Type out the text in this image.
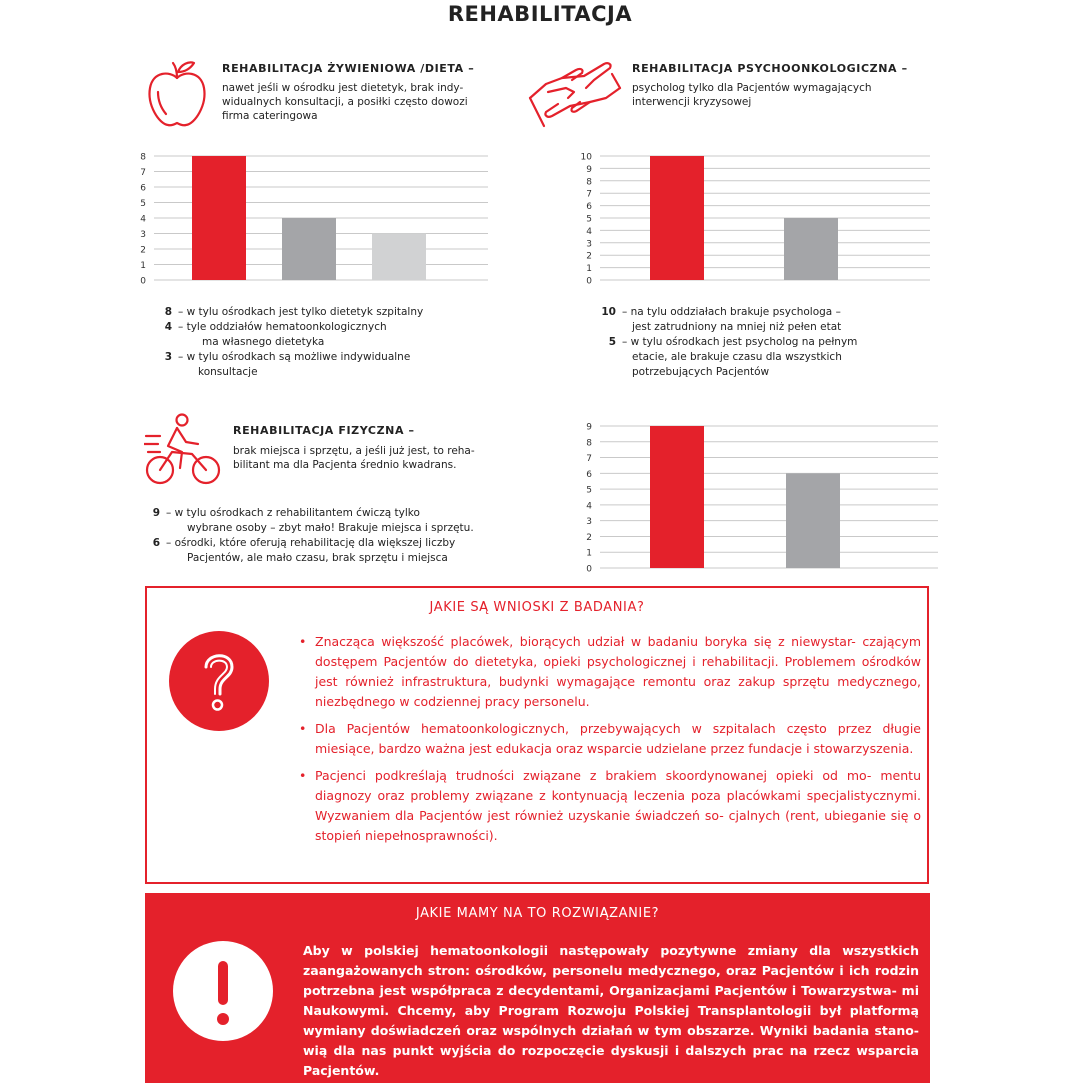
REHABILITACJA
REHABILITACJA ŻYWIENIOWA /DIETA –
nawet jeśli w ośrodku jest dietetyk, brak indy-
widualnych konsultacji, a posiłki często dowozi
firma cateringowa
0
1
2
3
4
5
6
7
8
8 – w tylu ośrodkach jest tylko dietetyk szpitalny
4 – tyle oddziałów hematoonkologicznych
ma własnego dietetyka
3 – w tylu ośrodkach są możliwe indywidualne
konsultacje
REHABILITACJA PSYCHOONKOLOGICZNA –
psycholog tylko dla Pacjentów wymagających
interwencji kryzysowej
0
1
2
3
4
5
6
7
8
9
10
10 – na tylu oddziałach brakuje psychologa –
jest zatrudniony na mniej niż pełen etat
5 – w tylu ośrodkach jest psycholog na pełnym
etacie, ale brakuje czasu dla wszystkich
potrzebujących Pacjentów
REHABILITACJA FIZYCZNA –
brak miejsca i sprzętu, a jeśli już jest, to reha-
bilitant ma dla Pacjenta średnio kwadrans.
9 – w tylu ośrodkach z rehabilitantem ćwiczą tylko
wybrane osoby – zbyt mało! Brakuje miejsca i sprzętu.
6 – ośrodki, które oferują rehabilitację dla większej liczby
Pacjentów, ale mało czasu, brak sprzętu i miejsca
0
1
2
3
4
5
6
7
8
9
JAKIE SĄ WNIOSKI Z BADANIA?
• Znacząca większość placówek, biorących udział w badaniu boryka się z niewystar- czającym dostępem Pacjentów do dietetyka, opieki psychologicznej i rehabilitacji. Problemem ośrodków jest również infrastruktura, budynki wymagające remontu oraz zakup sprzętu medycznego, niezbędnego w codziennej pracy personelu.
• Dla Pacjentów hematoonkologicznych, przebywających w szpitalach często przez długie miesiące, bardzo ważna jest edukacja oraz wsparcie udzielane przez fundacje i stowarzyszenia.
• Pacjenci podkreślają trudności związane z brakiem skoordynowanej opieki od mo- mentu diagnozy oraz problemy związane z kontynuacją leczenia poza placówkami specjalistycznymi. Wyzwaniem dla Pacjentów jest również uzyskanie świadczeń so- cjalnych (rent, ubieganie się o stopień niepełnosprawności).
JAKIE MAMY NA TO ROZWIĄZANIE?

Aby w polskiej hematoonkologii następowały pozytywne zmiany dla wszystkich zaangażowanych stron: ośrodków, personelu medycznego, oraz Pacjentów i ich rodzin potrzebna jest współpraca z decydentami, Organizacjami Pacjentów i Towarzystwa- mi Naukowymi. Chcemy, aby Program Rozwoju Polskiej Transplantologii był platformą wymiany doświadczeń oraz wspólnych działań w tym obszarze. Wyniki badania stano- wią dla nas punkt wyjścia do rozpoczęcie dyskusji i dalszych prac na rzecz wsparcia Pacjentów.
